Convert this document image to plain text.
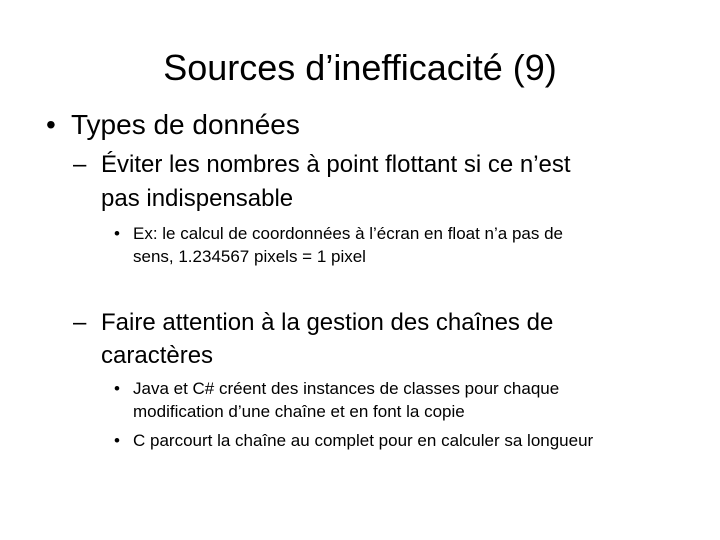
Sources d’inefficacité (9)
• Types de données
– Éviter les nombres à point flottant si ce n’est
pas indispensable
• Ex: le calcul de coordonnées à l’écran en float n’a pas de
sens, 1.234567 pixels = 1 pixel
– Faire attention à la gestion des chaînes de
caractères
• Java et C# créent des instances de classes pour chaque
modification d’une chaîne et en font la copie
• C parcourt la chaîne au complet pour en calculer sa longueur
